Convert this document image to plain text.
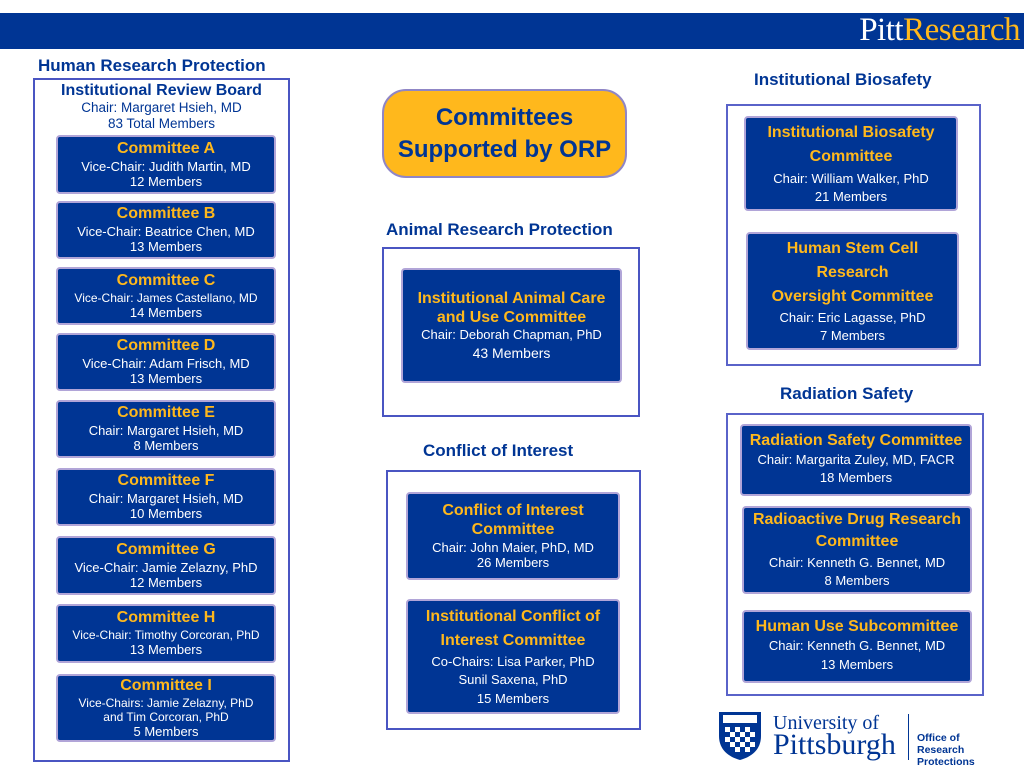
PittResearch
Human Research Protection
Institutional Review Board
Chair: Margaret Hsieh, MD
83 Total Members
Committee A
Vice-Chair: Judith Martin, MD
12 Members
Committee B
Vice-Chair: Beatrice Chen, MD
13 Members
Committee C
Vice-Chair: James Castellano, MD
14 Members
Committee D
Vice-Chair: Adam Frisch, MD
13 Members
Committee E
Chair: Margaret Hsieh, MD
8 Members
Committee F
Chair: Margaret Hsieh, MD
10 Members
Committee G
Vice-Chair: Jamie Zelazny, PhD
12 Members
Committee H
Vice-Chair: Timothy Corcoran, PhD
13 Members
Committee I
Vice-Chairs: Jamie Zelazny, PhD
and Tim Corcoran, PhD
5 Members
Committees
Supported by ORP
Animal Research Protection
Institutional Animal Care
and Use Committee
Chair: Deborah Chapman, PhD
43 Members
Conflict of Interest
Conflict of Interest
Committee
Chair: John Maier, PhD, MD
26 Members
Institutional Conflict of
Interest Committee
Co-Chairs: Lisa Parker, PhD
Sunil Saxena, PhD
15 Members
Institutional Biosafety
Institutional Biosafety
Committee
Chair: William Walker, PhD
21 Members
Human Stem Cell
Research
Oversight Committee
Chair: Eric Lagasse, PhD
7 Members
Radiation Safety
Radiation Safety Committee
Chair: Margarita Zuley, MD, FACR
18 Members
Radioactive Drug Research
Committee
Chair: Kenneth G. Bennet, MD
8 Members
Human Use Subcommittee
Chair: Kenneth G. Bennet, MD
13 Members
University of
Pittsburgh Office of
Research Protections
